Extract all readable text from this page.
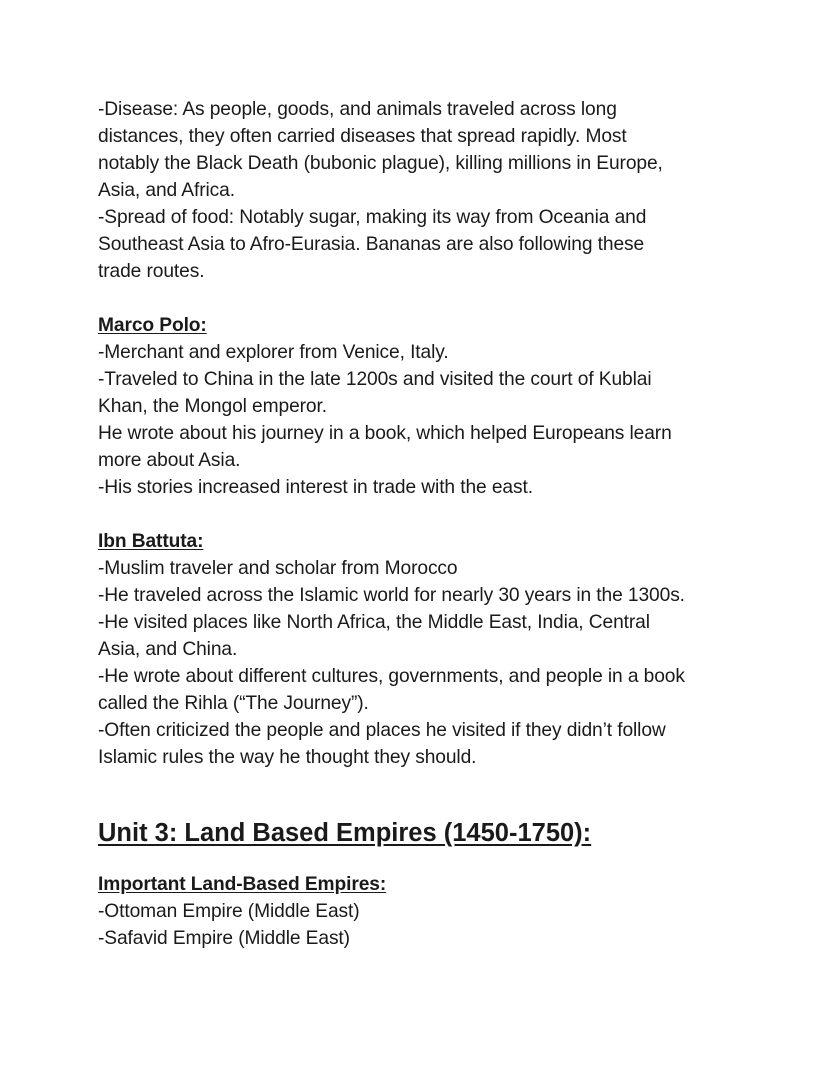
-Disease: As people, goods, and animals traveled across long
distances, they often carried diseases that spread rapidly. Most
notably the Black Death (bubonic plague), killing millions in Europe,
Asia, and Africa.
-Spread of food: Notably sugar, making its way from Oceania and
Southeast Asia to Afro-Eurasia. Bananas are also following these
trade routes.
Marco Polo:
-Merchant and explorer from Venice, Italy.
-Traveled to China in the late 1200s and visited the court of Kublai
Khan, the Mongol emperor.
He wrote about his journey in a book, which helped Europeans learn
more about Asia.
-His stories increased interest in trade with the east.
Ibn Battuta:
-Muslim traveler and scholar from Morocco
-He traveled across the Islamic world for nearly 30 years in the 1300s.
-He visited places like North Africa, the Middle East, India, Central
Asia, and China.
-He wrote about different cultures, governments, and people in a book
called the Rihla (“The Journey”).
-Often criticized the people and places he visited if they didn’t follow
Islamic rules the way he thought they should.
Unit 3: Land Based Empires (1450-1750):
Important Land-Based Empires:
-Ottoman Empire (Middle East)
-Safavid Empire (Middle East)
